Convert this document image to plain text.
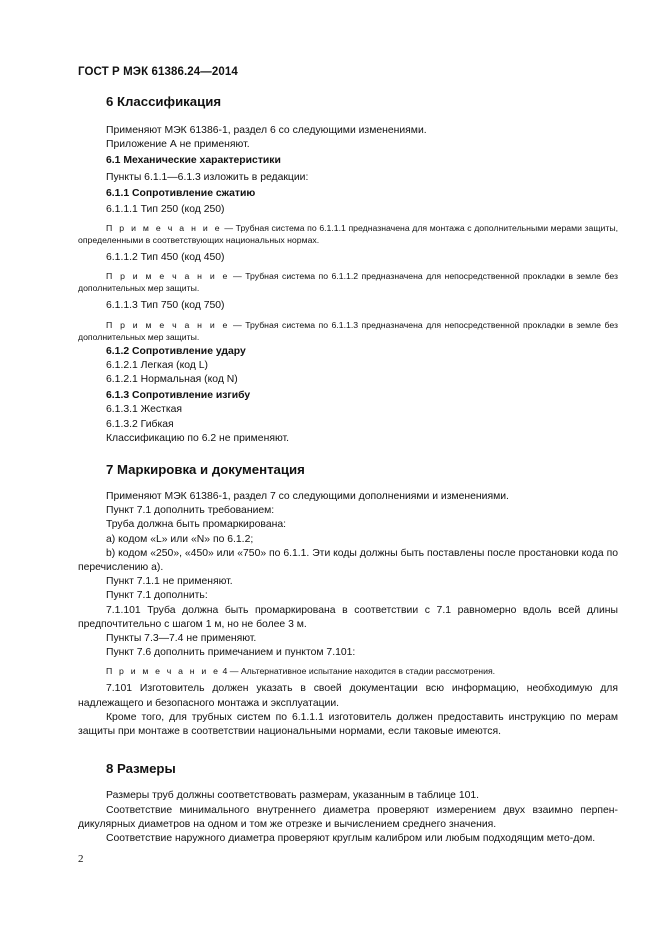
ГОСТ Р МЭК 61386.24—2014
6 Классификация

Применяют МЭК 61386-1, раздел 6 со следующими изменениями.

Приложение А не применяют.

6.1 Механические характеристики

Пункты 6.1.1—6.1.3 изложить в редакции:

6.1.1 Сопротивление сжатию

6.1.1.1 Тип 250 (код 250)

П р и м е ч а н и е — Трубная система по 6.1.1.1 предназначена для монтажа с дополнительными мерами защиты, определенными в соответствующих национальных нормах.

6.1.1.2 Тип 450 (код 450)

П р и м е ч а н и е — Трубная система по 6.1.1.2 предназначена для непосредственной прокладки в земле без дополнительных мер защиты.

6.1.1.3 Тип 750 (код 750)

П р и м е ч а н и е — Трубная система по 6.1.1.3 предназначена для непосредственной прокладки в земле без дополнительных мер защиты.

6.1.2 Сопротивление удару

6.1.2.1 Легкая (код L)

6.1.2.1 Нормальная (код N)

6.1.3 Сопротивление изгибу

6.1.3.1 Жесткая

6.1.3.2 Гибкая

Классификацию по 6.2 не применяют.

7 Маркировка и документация

Применяют МЭК 61386-1, раздел 7 со следующими дополнениями и изменениями.

Пункт 7.1 дополнить требованием:

Труба должна быть промаркирована:

а) кодом «L» или «N» по 6.1.2;

b) кодом «250», «450» или «750» по 6.1.1. Эти коды должны быть поставлены после простановки кода по перечислению а).

Пункт 7.1.1 не применяют.

Пункт 7.1 дополнить:

7.1.101 Труба должна быть промаркирована в соответствии с 7.1 равномерно вдоль всей длины предпочтительно с шагом 1 м, но не более 3 м.

Пункты 7.3—7.4 не применяют.

Пункт 7.6 дополнить примечанием и пунктом 7.101:

П р и м е ч а н и е 4 — Альтернативное испытание находится в стадии рассмотрения.

7.101 Изготовитель должен указать в своей документации всю информацию, необходимую для надлежащего и безопасного монтажа и эксплуатации.

Кроме того, для трубных систем по 6.1.1.1 изготовитель должен предоставить инструкцию по мерам защиты при монтаже в соответствии национальными нормами, если таковые имеются.

8 Размеры

Размеры труб должны соответствовать размерам, указанным в таблице 101.

Соответствие минимального внутреннего диаметра проверяют измерением двух взаимно перпен-дикулярных диаметров на одном и том же отрезке и вычислением среднего значения.

Соответствие наружного диаметра проверяют круглым калибром или любым подходящим мето-дом.

2
